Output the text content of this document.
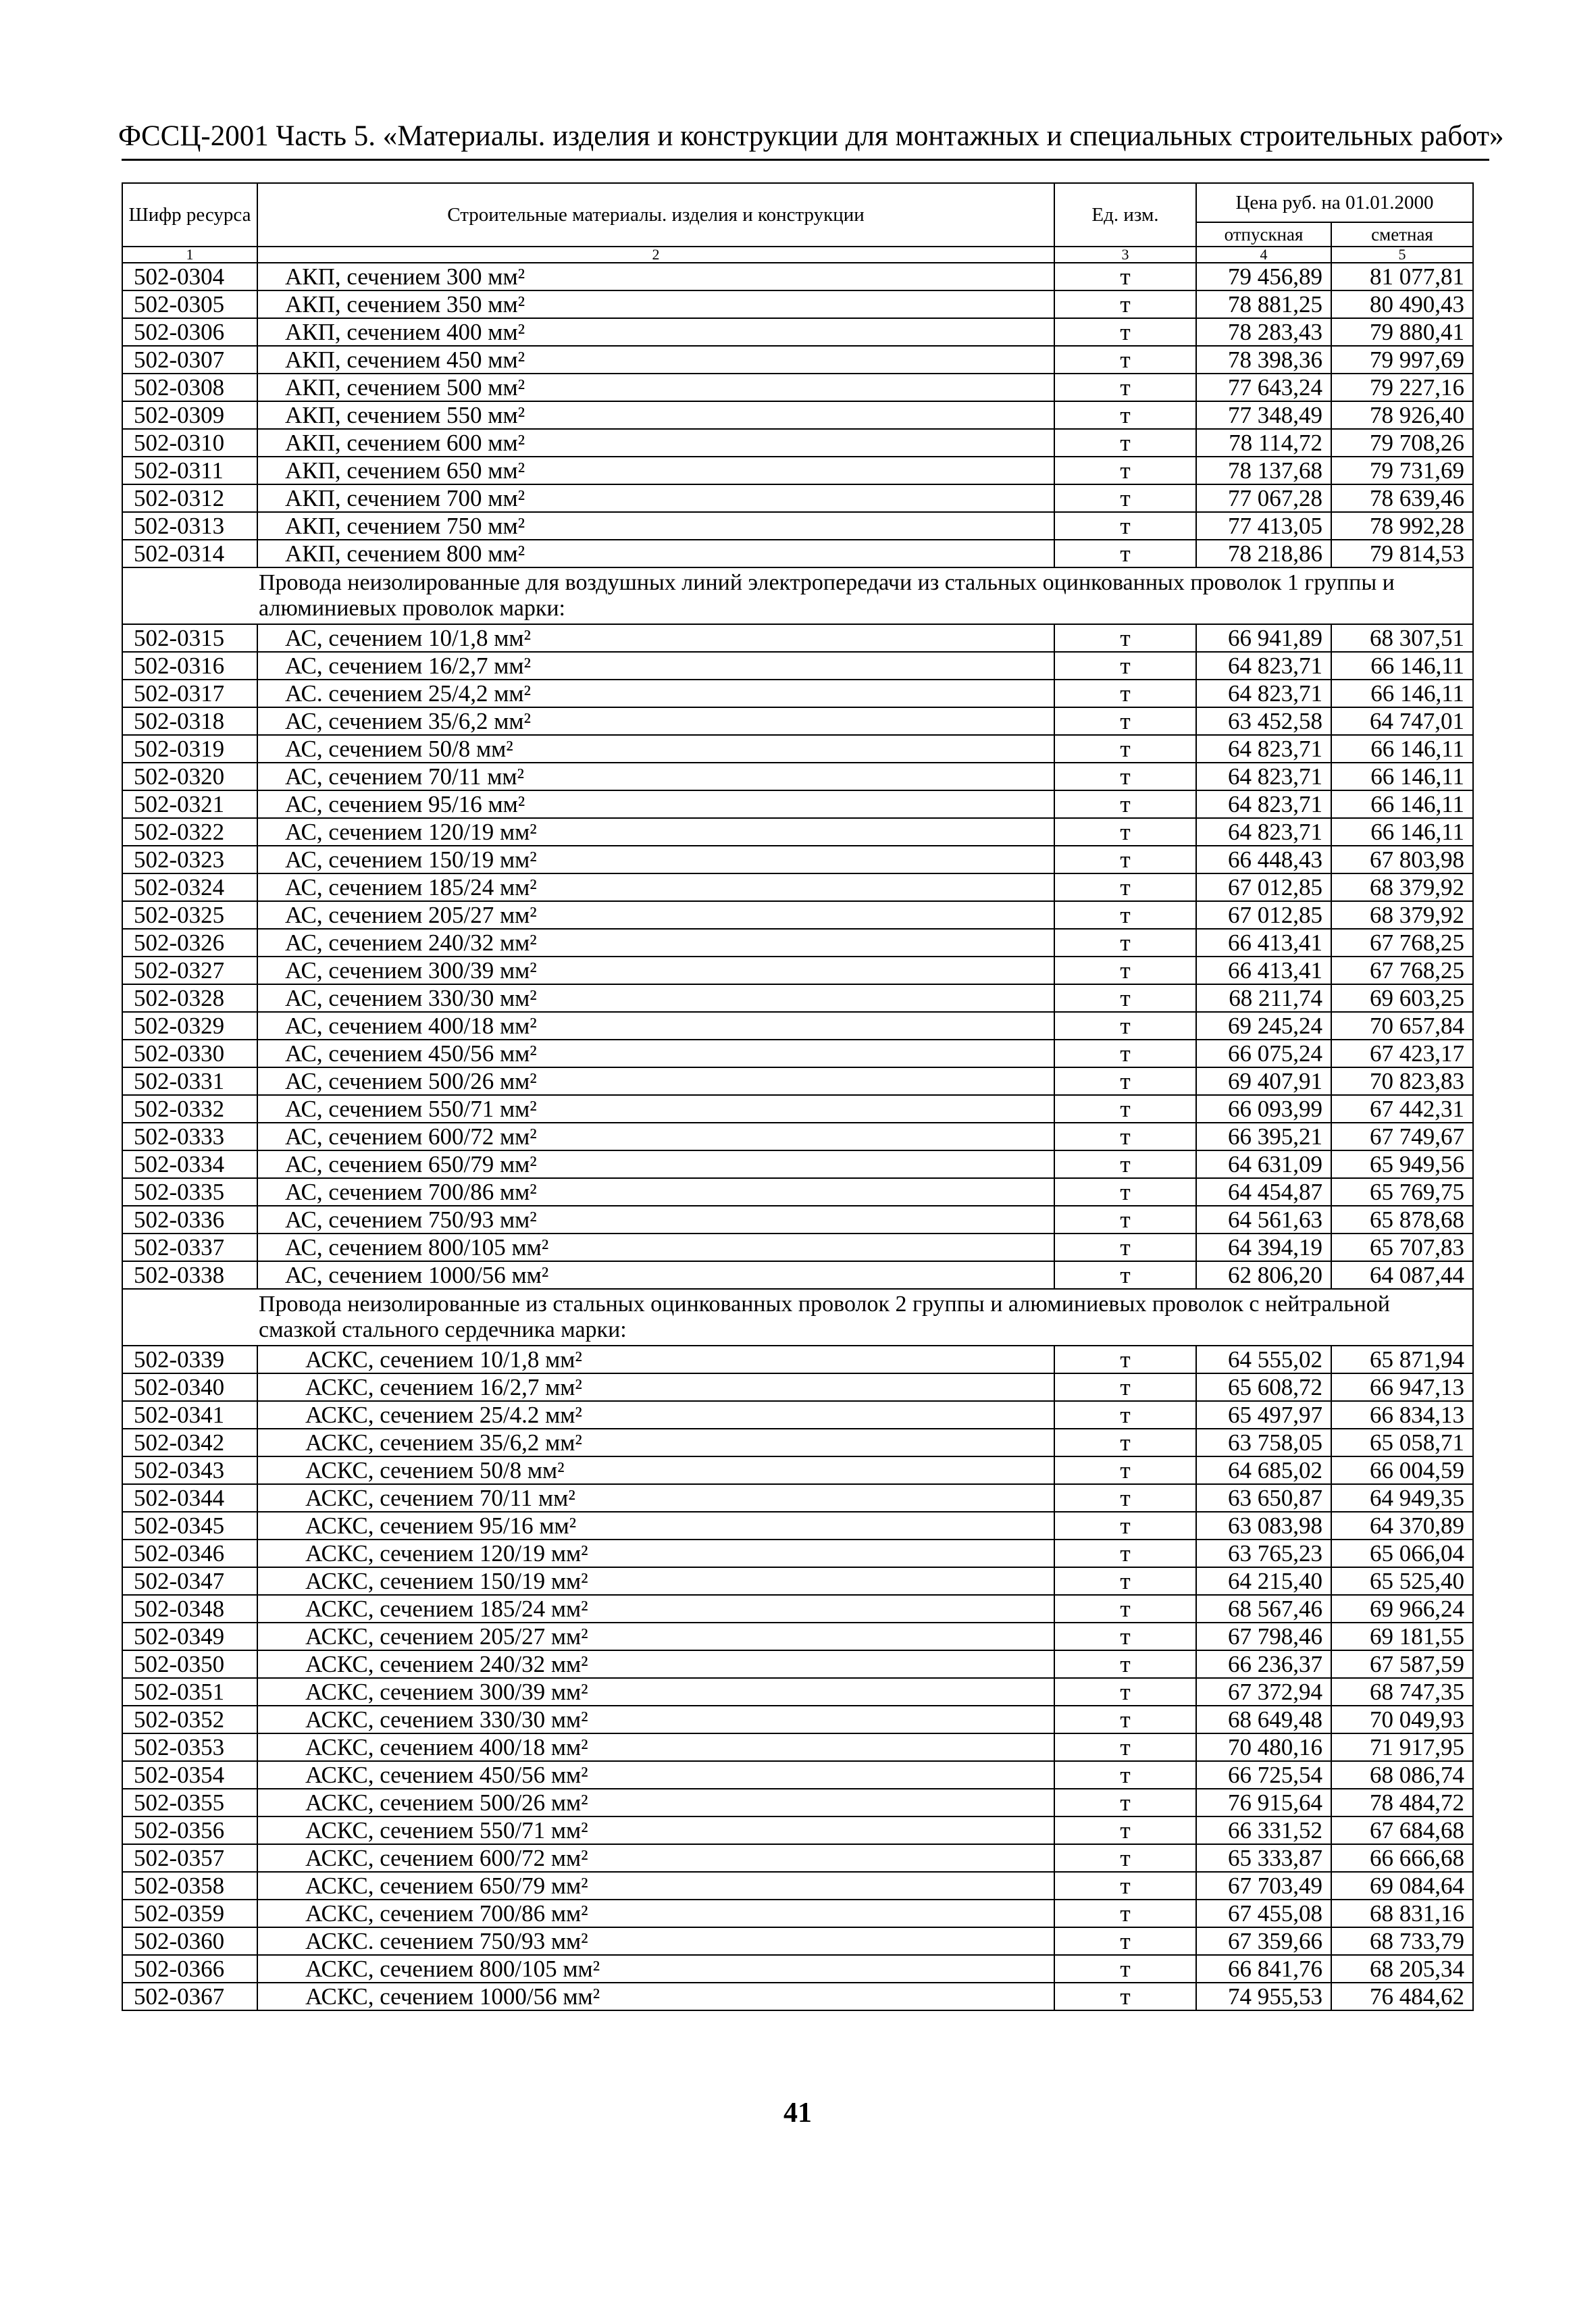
ФССЦ-2001 Часть 5. «Материалы. изделия и конструкции для монтажных и специальных строительных работ»
Шифр ресурса	Строительные материалы. изделия и конструкции	Ед. изм.	Цена руб. на 01.01.2000	
			отпускная	сметная
1	2	3	4	5
502-0304	АКП, сечением 300 мм²	т	79 456,89	81 077,81
502-0305	АКП, сечением 350 мм²	т	78 881,25	80 490,43
502-0306	АКП, сечением 400 мм²	т	78 283,43	79 880,41
502-0307	АКП, сечением 450 мм²	т	78 398,36	79 997,69
502-0308	АКП, сечением 500 мм²	т	77 643,24	79 227,16
502-0309	АКП, сечением 550 мм²	т	77 348,49	78 926,40
502-0310	АКП, сечением 600 мм²	т	78 114,72	79 708,26
502-0311	АКП, сечением 650 мм²	т	78 137,68	79 731,69
502-0312	АКП, сечением 700 мм²	т	77 067,28	78 639,46
502-0313	АКП, сечением 750 мм²	т	77 413,05	78 992,28
502-0314	АКП, сечением 800 мм²	т	78 218,86	79 814,53
	Провода неизолированные для воздушных линий электропередачи из стальных оцинкованных проволок 1 группы и алюминиевых проволок марки:			
502-0315	АС, сечением 10/1,8 мм²	т	66 941,89	68 307,51
502-0316	АС, сечением 16/2,7 мм²	т	64 823,71	66 146,11
502-0317	АС. сечением 25/4,2 мм²	т	64 823,71	66 146,11
502-0318	АС, сечением 35/6,2 мм²	т	63 452,58	64 747,01
502-0319	АС, сечением 50/8 мм²	т	64 823,71	66 146,11
502-0320	АС, сечением 70/11 мм²	т	64 823,71	66 146,11
502-0321	АС, сечением 95/16 мм²	т	64 823,71	66 146,11
502-0322	АС, сечением 120/19 мм²	т	64 823,71	66 146,11
502-0323	АС, сечением 150/19 мм²	т	66 448,43	67 803,98
502-0324	АС, сечением 185/24 мм²	т	67 012,85	68 379,92
502-0325	АС, сечением 205/27 мм²	т	67 012,85	68 379,92
502-0326	АС, сечением 240/32 мм²	т	66 413,41	67 768,25
502-0327	АС, сечением 300/39 мм²	т	66 413,41	67 768,25
502-0328	АС, сечением 330/30 мм²	т	68 211,74	69 603,25
502-0329	АС, сечением 400/18 мм²	т	69 245,24	70 657,84
502-0330	АС, сечением 450/56 мм²	т	66 075,24	67 423,17
502-0331	АС, сечением 500/26 мм²	т	69 407,91	70 823,83
502-0332	АС, сечением 550/71 мм²	т	66 093,99	67 442,31
502-0333	АС, сечением 600/72 мм²	т	66 395,21	67 749,67
502-0334	АС, сечением 650/79 мм²	т	64 631,09	65 949,56
502-0335	АС, сечением 700/86 мм²	т	64 454,87	65 769,75
502-0336	АС, сечением 750/93 мм²	т	64 561,63	65 878,68
502-0337	АС, сечением 800/105 мм²	т	64 394,19	65 707,83
502-0338	АС, сечением 1000/56 мм²	т	62 806,20	64 087,44
	Провода неизолированные из стальных оцинкованных проволок 2 группы и алюминиевых проволок с нейтральной смазкой стального сердечника марки:			
502-0339	АСКС, сечением 10/1,8 мм²	т	64 555,02	65 871,94
502-0340	АСКС, сечением 16/2,7 мм²	т	65 608,72	66 947,13
502-0341	АСКС, сечением 25/4.2 мм²	т	65 497,97	66 834,13
502-0342	АСКС, сечением 35/6,2 мм²	т	63 758,05	65 058,71
502-0343	АСКС, сечением 50/8 мм²	т	64 685,02	66 004,59
502-0344	АСКС, сечением 70/11 мм²	т	63 650,87	64 949,35
502-0345	АСКС, сечением 95/16 мм²	т	63 083,98	64 370,89
502-0346	АСКС, сечением 120/19 мм²	т	63 765,23	65 066,04
502-0347	АСКС, сечением 150/19 мм²	т	64 215,40	65 525,40
502-0348	АСКС, сечением 185/24 мм²	т	68 567,46	69 966,24
502-0349	АСКС, сечением 205/27 мм²	т	67 798,46	69 181,55
502-0350	АСКС, сечением 240/32 мм²	т	66 236,37	67 587,59
502-0351	АСКС, сечением 300/39 мм²	т	67 372,94	68 747,35
502-0352	АСКС, сечением 330/30 мм²	т	68 649,48	70 049,93
502-0353	АСКС, сечением 400/18 мм²	т	70 480,16	71 917,95
502-0354	АСКС, сечением 450/56 мм²	т	66 725,54	68 086,74
502-0355	АСКС, сечением 500/26 мм²	т	76 915,64	78 484,72
502-0356	АСКС, сечением 550/71 мм²	т	66 331,52	67 684,68
502-0357	АСКС, сечением 600/72 мм²	т	65 333,87	66 666,68
502-0358	АСКС, сечением 650/79 мм²	т	67 703,49	69 084,64
502-0359	АСКС, сечением 700/86 мм²	т	67 455,08	68 831,16
502-0360	АСКС. сечением 750/93 мм²	т	67 359,66	68 733,79
502-0366	АСКС, сечением 800/105 мм²	т	66 841,76	68 205,34
502-0367	АСКС, сечением 1000/56 мм²	т	74 955,53	76 484,62
41
